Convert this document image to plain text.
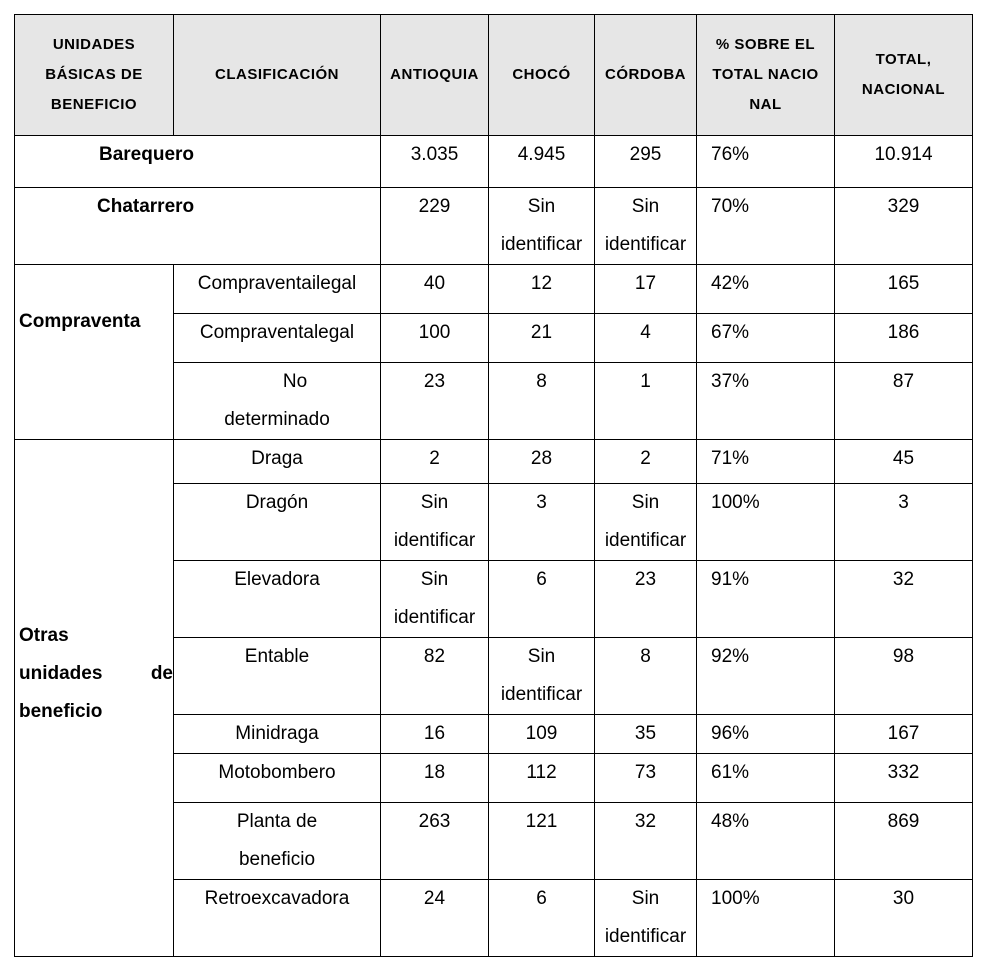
UNIDADES
BÁSICAS DE
BENEFICIO	CLASIFICACIÓN	ANTIOQUIA	CHOCÓ	CÓRDOBA	% SOBRE EL
TOTAL NACIO
NAL	TOTAL,
NACIONAL

Barequero		3.035	4.945	295	76%	10.914
Chatarrero		229	Sin
identificar	Sin
identificar	70%	329
Compraventa	Compraventailegal	40	12	17	42%	165
	Compraventalegal	100	21	4	67%	186

	No
determinado	23	8	1	37%	87

Otras
unidades de
beneficio	Draga	2	28	2	71%	45
	Dragón	Sin
identificar	3	Sin
identificar	100%	3
	Elevadora	Sin
identificar	6	23	91%	32
	Entable	82	Sin
identificar	8	92%	98
	Minidraga	16	109	35	96%	167
	Motobombero	18	112	73	61%	332

	Planta de
beneficio	263	121	32	48%	869
	Retroexcavadora	24	6	Sin
identificar	100%	30
